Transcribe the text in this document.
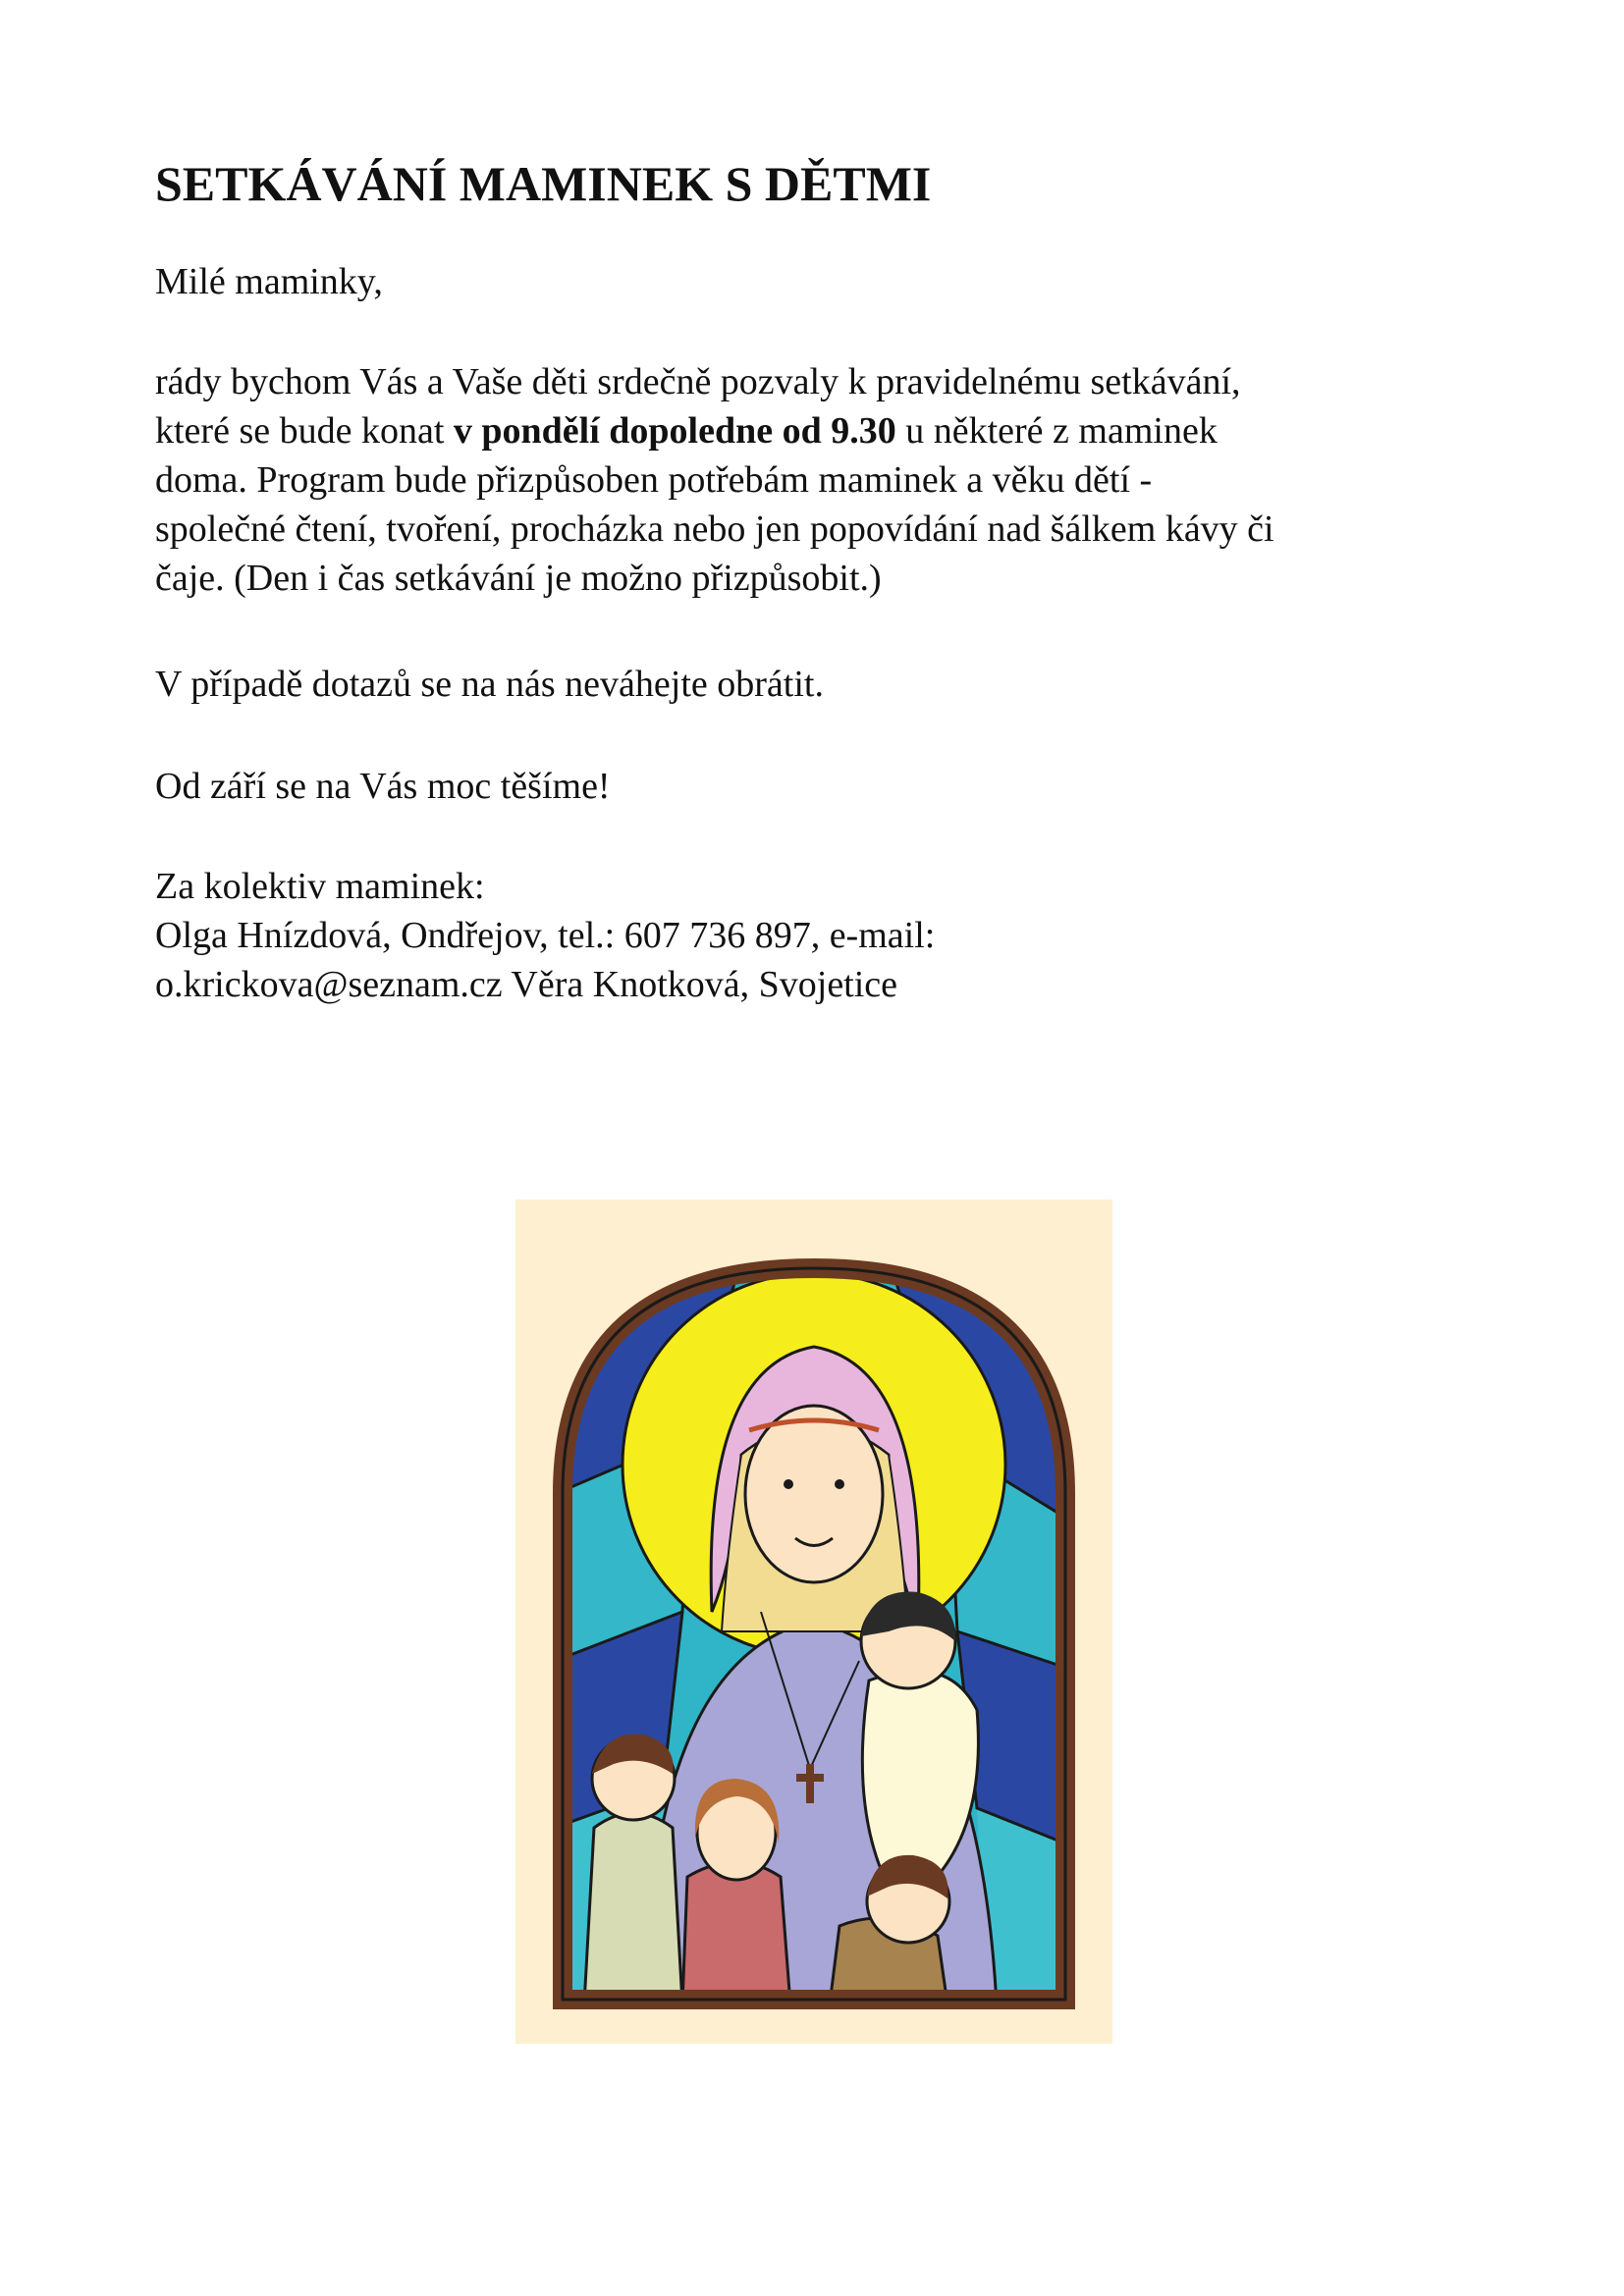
SETKÁVÁNÍ MAMINEK S DĚTMI

Milé maminky,

rády bychom Vás a Vaše děti srdečně pozvaly k pravidelnému setkávání,
které se bude konat v pondělí dopoledne od 9.30 u některé z maminek
doma. Program bude přizpůsoben potřebám maminek a věku dětí -
společné čtení, tvoření, procházka nebo jen popovídání nad šálkem kávy či
čaje. (Den i čas setkávání je možno přizpůsobit.)

V případě dotazů se na nás neváhejte obrátit.

Od září se na Vás moc těšíme!

Za kolektiv maminek:
Olga Hnízdová, Ondřejov, tel.: 607 736 897, e-mail:
o.krickova@seznam.cz Věra Knotková, Svojetice
